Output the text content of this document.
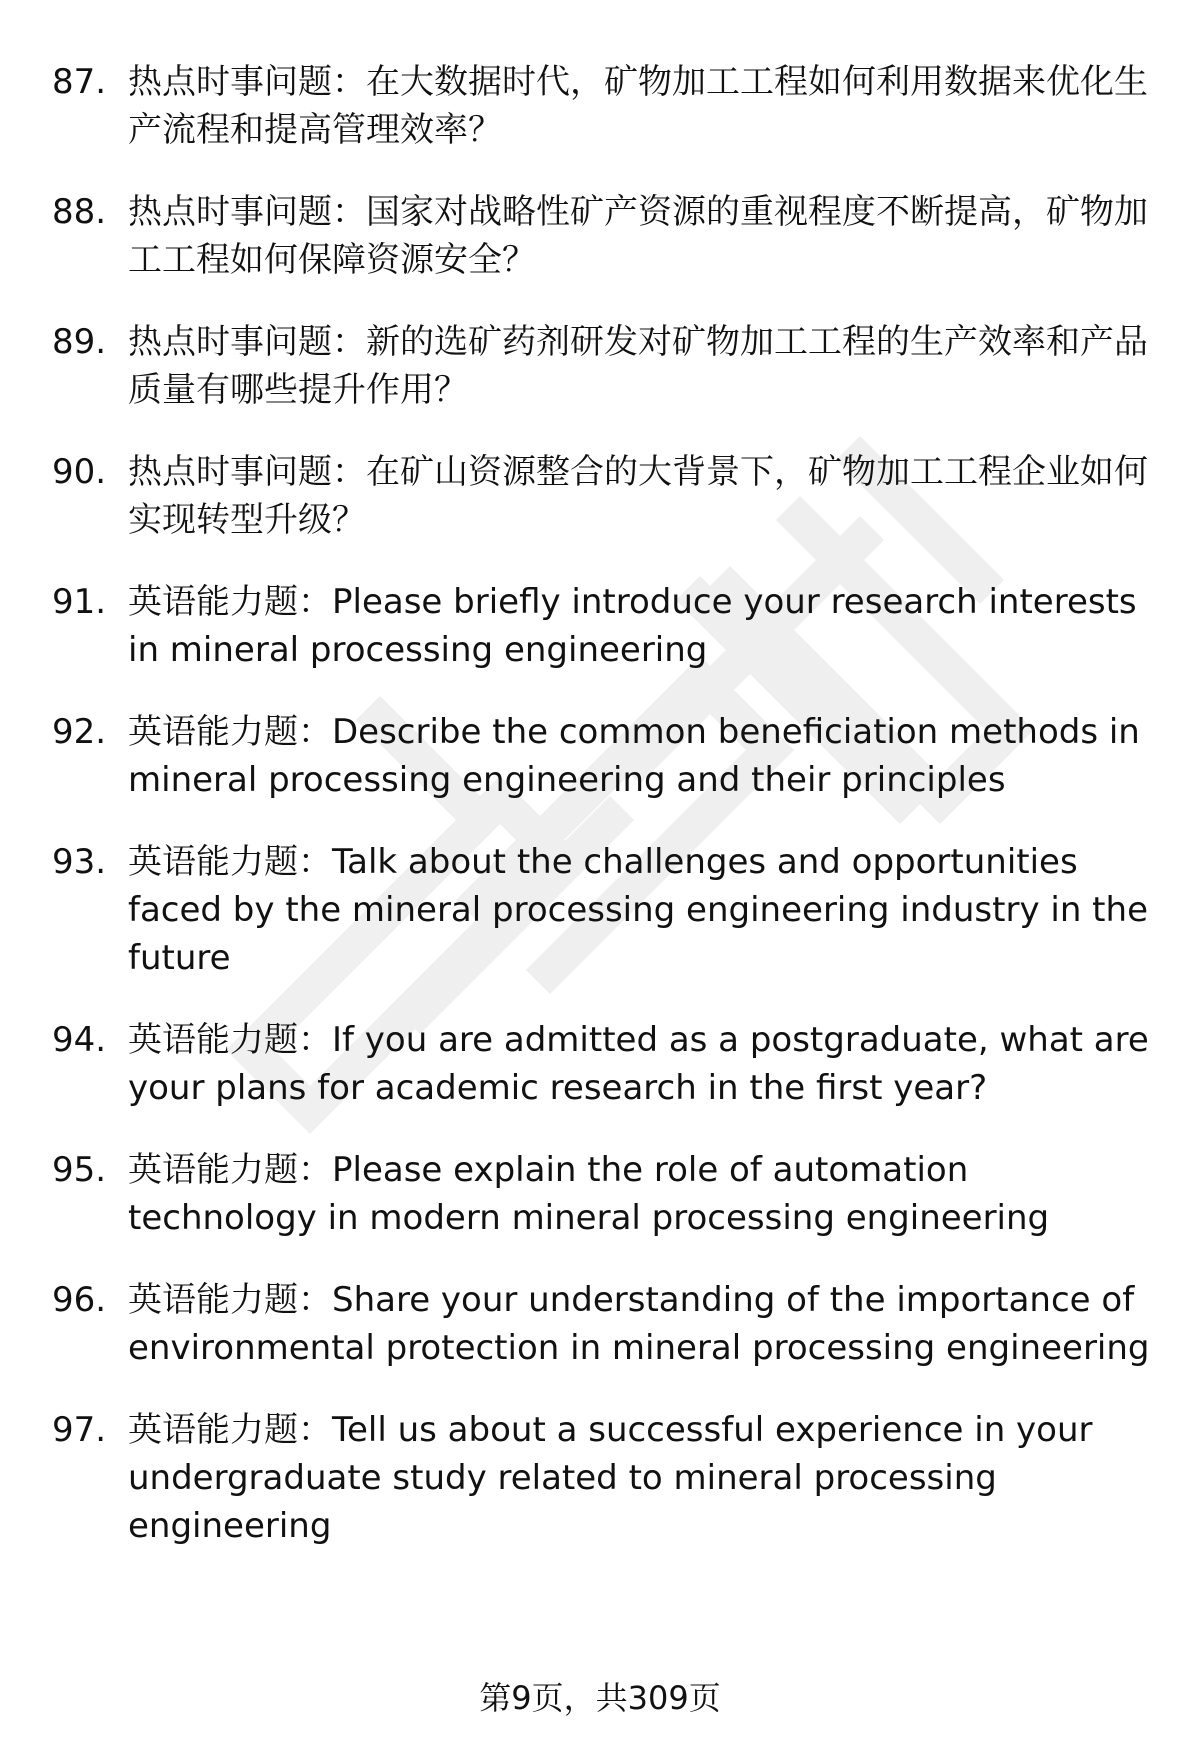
87. 热点时事问题：在大数据时代，矿物加工工程如何利用数据来优化生产流程和提高管理效率？
88. 热点时事问题：国家对战略性矿产资源的重视程度不断提高，矿物加工工程如何保障资源安全？
89. 热点时事问题：新的选矿药剂研发对矿物加工工程的生产效率和产品质量有哪些提升作用？
90. 热点时事问题：在矿山资源整合的大背景下，矿物加工工程企业如何实现转型升级？
91. 英语能力题：Please briefly introduce your research interests in mineral processing engineering
92. 英语能力题：Describe the common beneficiation methods in mineral processing engineering and their principles
93. 英语能力题：Talk about the challenges and opportunities faced by the mineral processing engineering industry in the future
94. 英语能力题：If you are admitted as a postgraduate, what are your plans for academic research in the first year?
95. 英语能力题：Please explain the role of automation technology in modern mineral processing engineering
96. 英语能力题：Share your understanding of the importance of environmental protection in mineral processing engineering
97. 英语能力题：Tell us about a successful experience in your undergraduate study related to mineral processing engineering
第9页，共309页
